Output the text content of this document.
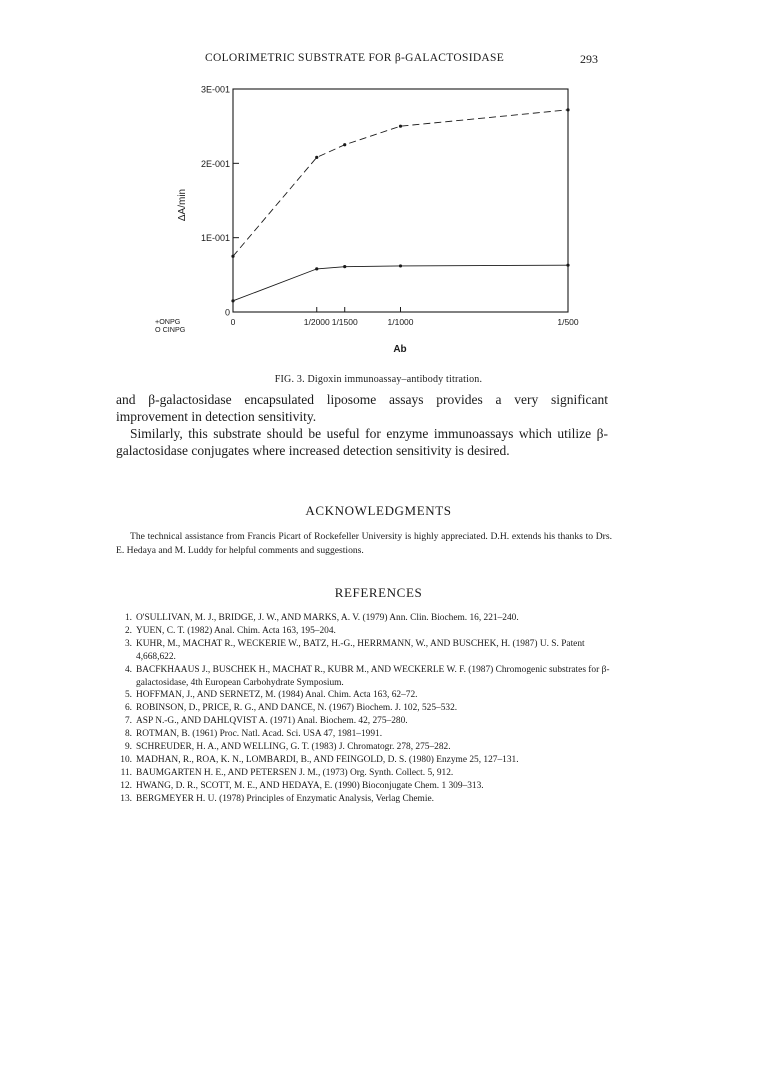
COLORIMETRIC SUBSTRATE FOR β-GALACTOSIDASE	293
0
1E-001
2E-001
3E-001
0	1/2000 1/1500	1/1000	1/500
ΔA/min
Ab
+ONPG
O CINPG
FIG. 3. Digoxin immunoassay–antibody titration.

and β-galactosidase encapsulated liposome assays provides a very significant improvement in detection sensitivity.

Similarly, this substrate should be useful for enzyme immunoassays which utilize β-galactosidase conjugates where increased detection sensitivity is desired.

ACKNOWLEDGMENTS

The technical assistance from Francis Picart of Rockefeller University is highly appreciated. D.H. extends his thanks to Drs. E. Hedaya and M. Luddy for helpful comments and suggestions.

REFERENCES
1. O'SULLIVAN, M. J., BRIDGE, J. W., AND MARKS, A. V. (1979) Ann. Clin. Biochem. 16, 221–240.
2. YUEN, C. T. (1982) Anal. Chim. Acta 163, 195–204.
3. KUHR, M., MACHAT R., WECKERIE W., BATZ, H.-G., HERRMANN, W., AND BUSCHEK, H. (1987) U. S. Patent 4,668,622.
4. BACFKHAAUS J., BUSCHEK H., MACHAT R., KUBR M., AND WECKERLE W. F. (1987) Chromogenic substrates for β-galactosidase, 4th European Carbohydrate Symposium.
5. HOFFMAN, J., AND SERNETZ, M. (1984) Anal. Chim. Acta 163, 62–72.
6. ROBINSON, D., PRICE, R. G., AND DANCE, N. (1967) Biochem. J. 102, 525–532.
7. ASP N.-G., AND DAHLQVIST A. (1971) Anal. Biochem. 42, 275–280.
8. ROTMAN, B. (1961) Proc. Natl. Acad. Sci. USA 47, 1981–1991.
9. SCHREUDER, H. A., AND WELLING, G. T. (1983) J. Chromatogr. 278, 275–282.
10. MADHAN, R., ROA, K. N., LOMBARDI, B., AND FEINGOLD, D. S. (1980) Enzyme 25, 127–131.
11. BAUMGARTEN H. E., AND PETERSEN J. M., (1973) Org. Synth. Collect. 5, 912.
12. HWANG, D. R., SCOTT, M. E., AND HEDAYA, E. (1990) Bioconjugate Chem. 1 309–313.
13. BERGMEYER H. U. (1978) Principles of Enzymatic Analysis, Verlag Chemie.
